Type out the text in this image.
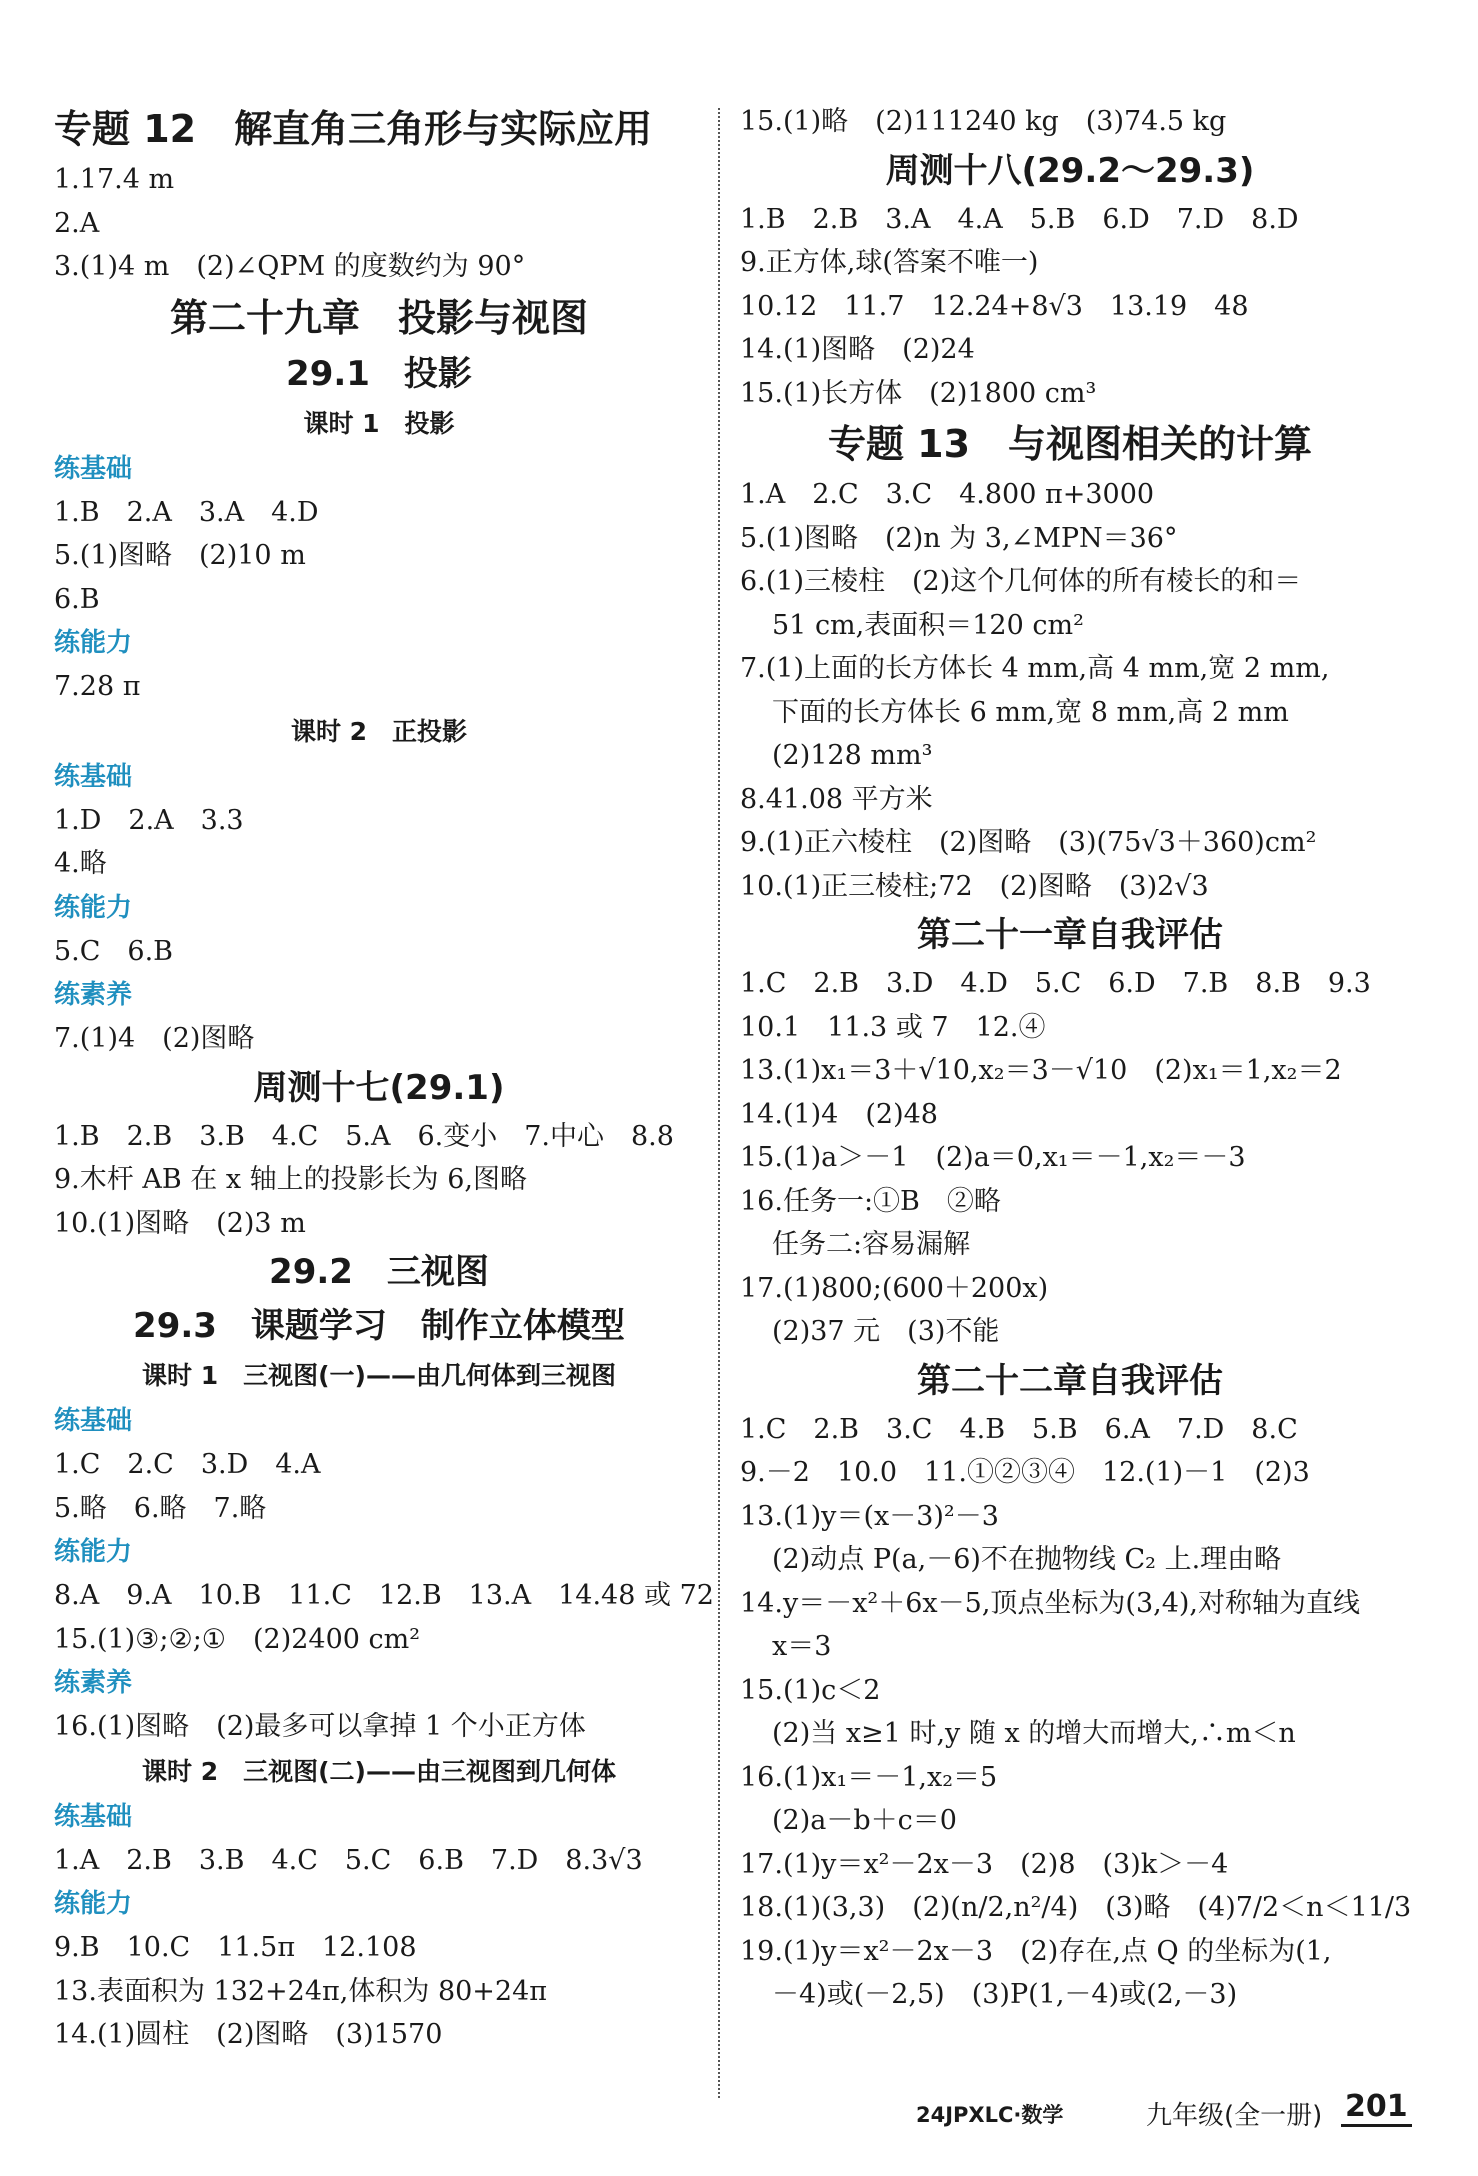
专题 12　解直角三角形与实际应用
1.17.4 m
2.A
3.(1)4 m　(2)∠QPM 的度数约为 90°
第二十九章　投影与视图
29.1　投影
课时 1　投影
练基础
1.B　2.A　3.A　4.D
5.(1)图略　(2)10 m
6.B
练能力
7.28 π
课时 2　正投影
练基础
1.D　2.A　3.3
4.略
练能力
5.C　6.B
练素养
7.(1)4　(2)图略
周测十七(29.1)
1.B　2.B　3.B　4.C　5.A　6.变小　7.中心　8.8
9.木杆 AB 在 x 轴上的投影长为 6,图略
10.(1)图略　(2)3 m
29.2　三视图
29.3　课题学习　制作立体模型
课时 1　三视图(一)——由几何体到三视图
练基础
1.C　2.C　3.D　4.A
5.略　6.略　7.略
练能力
8.A　9.A　10.B　11.C　12.B　13.A　14.48 或 72
15.(1)③;②;①　(2)2400 cm²
练素养
16.(1)图略　(2)最多可以拿掉 1 个小正方体
课时 2　三视图(二)——由三视图到几何体
练基础
1.A　2.B　3.B　4.C　5.C　6.B　7.D　8.3√3
练能力
9.B　10.C　11.5π　12.108
13.表面积为 132+24π,体积为 80+24π
14.(1)圆柱　(2)图略　(3)1570
15.(1)略　(2)111240 kg　(3)74.5 kg
周测十八(29.2～29.3)
1.B　2.B　3.A　4.A　5.B　6.D　7.D　8.D
9.正方体,球(答案不唯一)
10.12　11.7　12.24+8√3　13.19　48
14.(1)图略　(2)24
15.(1)长方体　(2)1800 cm³
专题 13　与视图相关的计算
1.A　2.C　3.C　4.800 π+3000
5.(1)图略　(2)n 为 3,∠MPN＝36°
6.(1)三棱柱　(2)这个几何体的所有棱长的和＝
51 cm,表面积＝120 cm²
7.(1)上面的长方体长 4 mm,高 4 mm,宽 2 mm,
下面的长方体长 6 mm,宽 8 mm,高 2 mm
(2)128 mm³
8.41.08 平方米
9.(1)正六棱柱　(2)图略　(3)(75√3＋360)cm²
10.(1)正三棱柱;72　(2)图略　(3)2√3
第二十一章自我评估
1.C　2.B　3.D　4.D　5.C　6.D　7.B　8.B　9.3
10.1　11.3 或 7　12.④
13.(1)x₁＝3＋√10,x₂＝3－√10　(2)x₁＝1,x₂＝2
14.(1)4　(2)48
15.(1)a＞－1　(2)a＝0,x₁＝－1,x₂＝－3
16.任务一:①B　②略
任务二:容易漏解
17.(1)800;(600＋200x)
(2)37 元　(3)不能
第二十二章自我评估
1.C　2.B　3.C　4.B　5.B　6.A　7.D　8.C
9.－2　10.0　11.①②③④　12.(1)－1　(2)3
13.(1)y＝(x－3)²－3
(2)动点 P(a,－6)不在抛物线 C₂ 上.理由略
14.y＝－x²＋6x－5,顶点坐标为(3,4),对称轴为直线
x＝3
15.(1)c＜2
(2)当 x≥1 时,y 随 x 的增大而增大,∴m＜n
16.(1)x₁＝－1,x₂＝5
(2)a－b＋c＝0
17.(1)y＝x²－2x－3　(2)8　(3)k＞－4
18.(1)(3,3)　(2)(n/2,n²/4)　(3)略　(4)7/2＜n＜11/3
19.(1)y＝x²－2x－3　(2)存在,点 Q 的坐标为(1,
－4)或(－2,5)　(3)P(1,－4)或(2,－3)
24JPXLC·数学	九年级(全一册) 201
